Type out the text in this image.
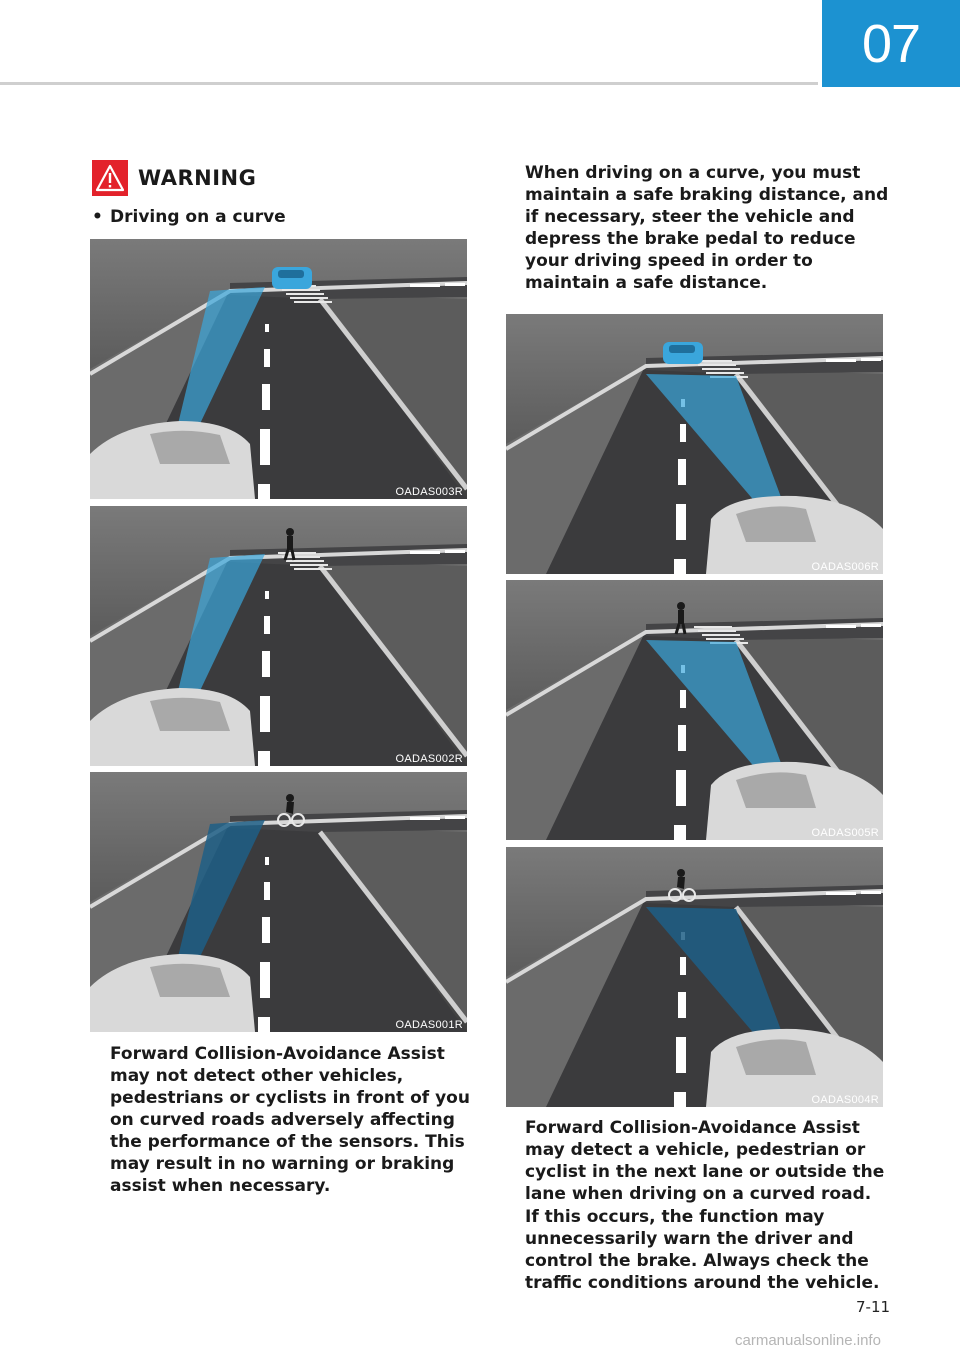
07
WARNING
• Driving on a curve
OADAS003R
OADAS002R
OADAS001R
OADAS006R
OADAS005R
OADAS004R
Forward Collision-Avoidance Assist may not detect other vehicles, pedestrians or cyclists in front of you on curved roads adversely affecting the performance of the sensors. This may result in no warning or braking assist when necessary.
When driving on a curve, you must maintain a safe braking distance, and if necessary, steer the vehicle and depress the brake pedal to reduce your driving speed in order to maintain a safe distance.
Forward Collision-Avoidance Assist may detect a vehicle, pedestrian or cyclist in the next lane or outside the lane when driving on a curved road.
If this occurs, the function may unnecessarily warn the driver and control the brake. Always check the traffic conditions around the vehicle.
7-11
carmanualsonline.info
